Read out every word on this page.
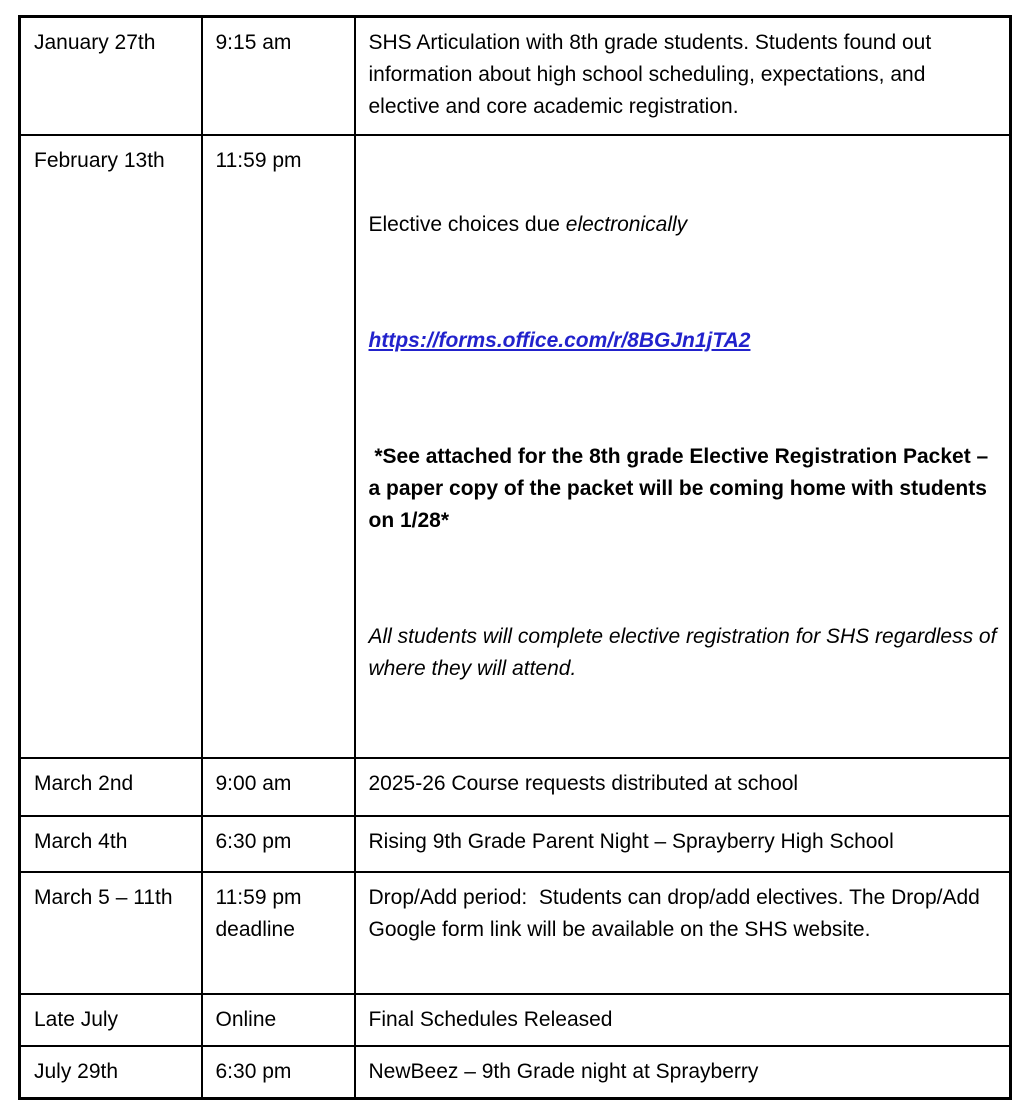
January 27th	9:15 am	SHS Articulation with 8th grade students. Students found out information about high school scheduling, expectations, and elective and core academic registration.
February 13th	11:59 pm	Elective choices due electronically

https://forms.office.com/r/8BGJn1jTA2

*See attached for the 8th grade Elective Registration Packet – a paper copy of the packet will be coming home with students on 1/28*

All students will complete elective registration for SHS regardless of where they will attend.

March 2nd	9:00 am	2025-26 Course requests distributed at school
March 4th	6:30 pm	Rising 9th Grade Parent Night – Sprayberry High School
March 5 – 11th	11:59 pm deadline	Drop/Add period:  Students can drop/add electives. The Drop/Add Google form link will be available on the SHS website.
Late July	Online	Final Schedules Released
July 29th	6:30 pm	NewBeez – 9th Grade night at Sprayberry
